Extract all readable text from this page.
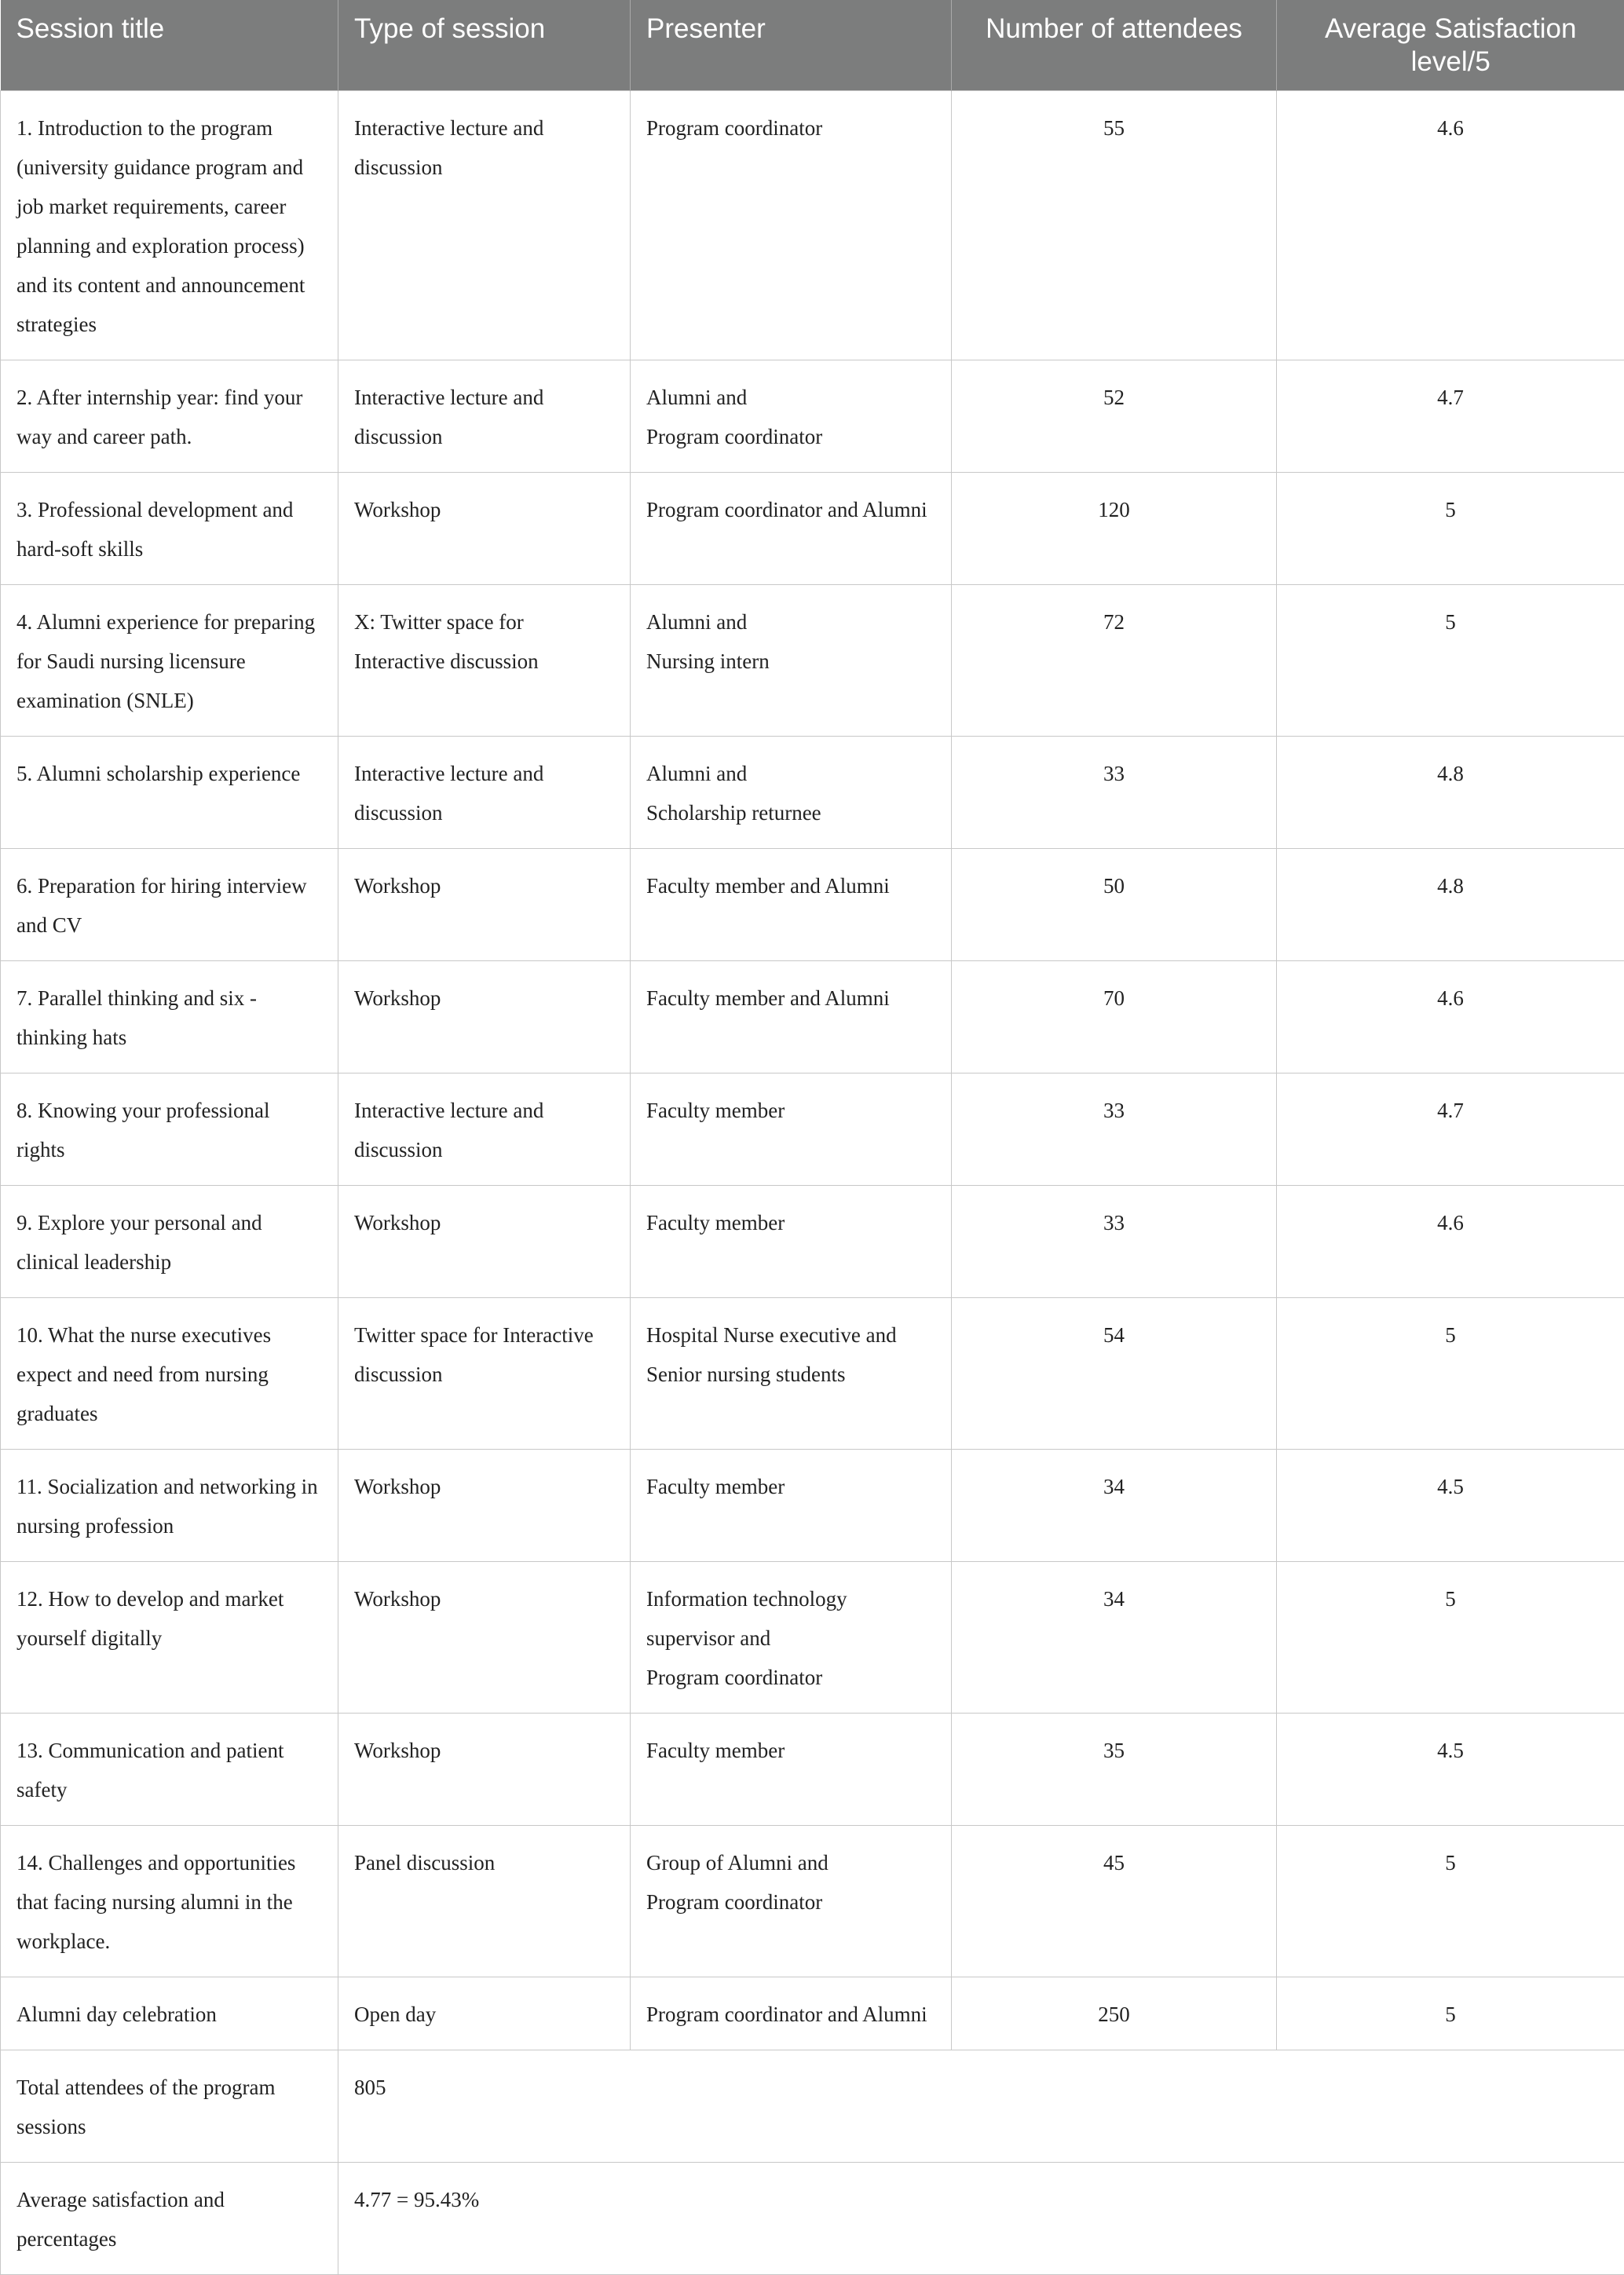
Session title	Type of session	Presenter	Number of attendees	Average Satisfaction level/5
1. Introduction to the program (university guidance program and job market requirements, career planning and exploration process) and its content and announcement strategies	Interactive lecture and discussion	Program coordinator	55	4.6
2. After internship year: find your way and career path.	Interactive lecture and discussion	Alumni and
Program coordinator	52	4.7
3. Professional development and hard-soft skills	Workshop	Program coordinator and Alumni	120	5
4. Alumni experience for preparing for Saudi nursing licensure examination (SNLE)	X: Twitter space for Interactive discussion	Alumni and
Nursing intern	72	5
5. Alumni scholarship experience	Interactive lecture and discussion	Alumni and
Scholarship returnee	33	4.8
6. Preparation for hiring interview and CV	Workshop	Faculty member and Alumni	50	4.8
7. Parallel thinking and six -thinking hats	Workshop	Faculty member and Alumni	70	4.6
8. Knowing your professional rights	Interactive lecture and discussion	Faculty member	33	4.7
9. Explore your personal and clinical leadership	Workshop	Faculty member	33	4.6
10. What the nurse executives expect and need from nursing graduates	Twitter space for Interactive discussion	Hospital Nurse executive and Senior nursing students	54	5
11. Socialization and networking in nursing profession	Workshop	Faculty member	34	4.5
12. How to develop and market yourself digitally	Workshop	Information technology supervisor and
Program coordinator	34	5
13. Communication and patient safety	Workshop	Faculty member	35	4.5
14. Challenges and opportunities that facing nursing alumni in the workplace.	Panel discussion	Group of Alumni and
Program coordinator	45	5
Alumni day celebration	Open day	Program coordinator and Alumni	250	5
Total attendees of the program sessions	805			
Average satisfaction and percentages	4.77 = 95.43%			
